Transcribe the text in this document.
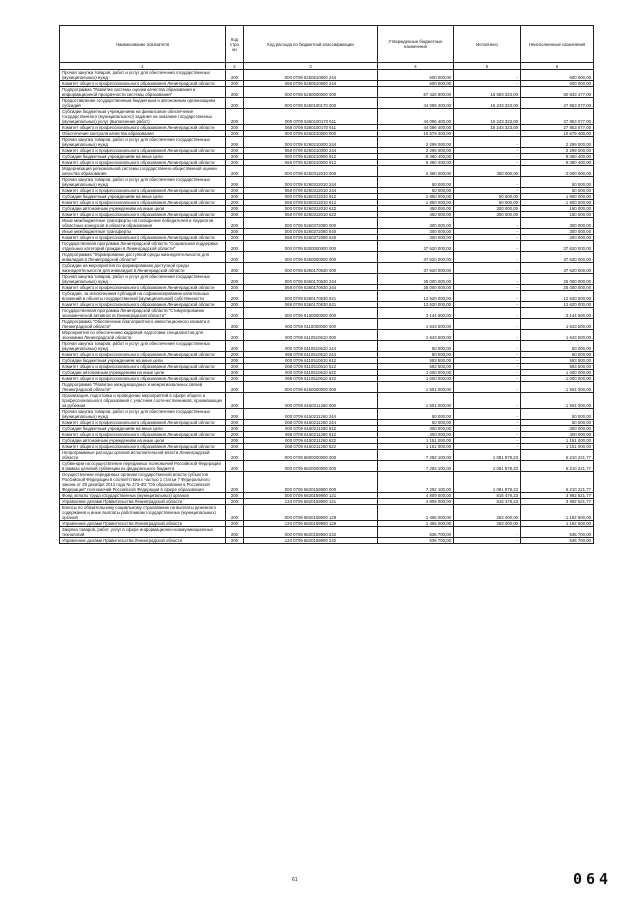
Наименование показателя	Код стро ки	Код расхода по бюджетной классификации	Утвержденные бюджетные назначения	Исполнено	Неисполненные назначения
1	2	3	4	5	6
Прочая закупка товаров, работ и услуг для обеспечения государственных (муниципальных) нужд	200	000 0709 5260510800 244	600 000,00	-	600 000,00
Комитет общего и профессионального образования Ленинградской области	200	068 0709 5260510800 244	600 000,00	-	600 000,00
Подпрограмма "Развитие системы оценки качества образования и информационной прозрачности системы образования"	200	000 0709 5260000000 000	67 426 800,00	16 593 323,00	50 833 477,00
Предоставление государственным бюджетным и автономным организациям субсидий	200	000 0709 5260100170 000	44 096 400,00	16 243 323,00	27 853 077,00
Субсидии бюджетным учреждениям на финансовое обеспечение государственного (муниципального) задания на оказание государственных (муниципальных) услуг (выполнение работ)	200	000 0709 5260100170 611	44 096 400,00	16 243 323,00	27 853 077,00
Комитет общего и профессионального образования Ленинградской области	200	068 0709 5260100170 611	44 096 400,00	16 243 323,00	27 853 077,00
Обеспечение контроля качества образования	200	000 0709 5260210000 000	10 679 400,00	-	10 679 400,00
Прочая закупка товаров, работ и услуг для обеспечения государственных (муниципальных) нужд	200	000 0709 5260210000 244	2 299 000,00	-	2 299 000,00
Комитет общего и профессионального образования Ленинградской области	200	068 0709 5260210000 244	2 299 000,00	-	2 299 000,00
Субсидии бюджетным учреждениям на иные цели	200	000 0709 5260210000 612	8 380 400,00	-	8 380 400,00
Комитет общего и профессионального образования Ленинградской области	200	068 0709 5260210000 612	8 380 400,00	-	8 380 400,00
Модернизация региональной системы государственно-общественной оценки качества образования	200	000 0709 5260312010 000	2 350 000,00	350 000,00	2 000 000,00
Прочая закупка товаров, работ и услуг для обеспечения государственных (муниципальных) нужд	200	000 0709 5260312010 244	50 000,00	-	50 000,00
Комитет общего и профессионального образования Ленинградской области	200	068 0709 5260312010 244	50 000,00	-	50 000,00
Субсидии бюджетным учреждениям на иные цели	200	000 0709 5260312010 612	1 850 000,00	50 000,00	1 800 000,00
Комитет общего и профессионального образования Ленинградской области	200	068 0709 5260312010 612	1 850 000,00	50 000,00	1 800 000,00
Субсидии автономным учреждениям на иные цели	200	000 0709 5260312010 622	450 000,00	300 000,00	150 000,00
Комитет общего и профессионального образования Ленинградской области	200	068 0709 5260312010 622	450 000,00	300 000,00	150 000,00
Иные межбюджетные трансферты на поощрение победителей и лауреатов областных конкурсов в области образования	200	000 0709 5260372080 000	300 000,00	-	300 000,00
Иные межбюджетные трансферты	200	000 0709 5260372080 540	300 000,00	-	300 000,00
Комитет общего и профессионального образования Ленинградской области	200	068 0709 5260372080 540	300 000,00	-	300 000,00
Государственная программа Ленинградской области "Социальная поддержка отдельных категорий граждан в Ленинградской области"	200	000 0709 5300000000 000	37 620 000,00	-	37 620 000,00
Подпрограмма "Формирование доступной среды жизнедеятельности для инвалидов в Ленинградской области"	200	000 0709 5360000000 000	37 620 000,00	-	37 620 000,00
Субсидии на мероприятия по формированию доступной среды жизнедеятельности для инвалидов в Ленинградской области	200	000 0709 5360170630 000	37 620 000,00	-	37 620 000,00
Прочая закупка товаров, работ и услуг для обеспечения государственных (муниципальных) нужд	200	000 0709 5360170630 244	25 000 000,00	-	25 000 000,00
Комитет общего и профессионального образования Ленинградской области	200	068 0709 5360170630 244	25 000 000,00	-	25 000 000,00
Субсидии, за исключением субсидий на софинансирование капитальных вложений в объекты государственной (муниципальной) собственности	200	000 0709 5360170630 521	12 620 000,00	-	12 620 000,00
Комитет общего и профессионального образования Ленинградской области	200	068 0709 5360170630 521	12 620 000,00	-	12 620 000,00
Государственная программа Ленинградской области "Стимулирование экономической активности Ленинградской области"	200	000 0709 6100000000 000	3 144 500,00	-	3 144 500,00
Подпрограмма "Обеспечение благоприятного инвестиционного климата в Ленинградской области"	200	000 0709 6110000000 000	1 643 500,00	-	1 643 500,00
Мероприятия по обеспечению кадровой подготовки специалистов для экономики Ленинградской области	200	000 0709 6110510610 000	1 643 500,00	-	1 643 500,00
Прочая закупка товаров, работ и услуг для обеспечения государственных (муниципальных) нужд	200	000 0709 6110510610 244	50 000,00	-	50 000,00
Комитет общего и профессионального образования Ленинградской области	200	068 0709 6110510610 244	50 000,00	-	50 000,00
Субсидии бюджетным учреждениям на иные цели	200	000 0709 6110510610 612	593 500,00	-	593 500,00
Комитет общего и профессионального образования Ленинградской области	200	068 0709 6110510610 612	593 500,00	-	593 500,00
Субсидии автономным учреждениям на иные цели	200	000 0709 6110510610 622	1 000 000,00	-	1 000 000,00
Комитет общего и профессионального образования Ленинградской области	200	068 0709 6110510610 622	1 000 000,00	-	1 000 000,00
Подпрограмма "Развитие международных и межрегиональных связей Ленинградской области"	200	000 0709 6160000000 000	1 501 000,00	-	1 501 000,00
Организация, подготовка и проведение мероприятий в сфере общего и профессионального образования с участием соотечественников, проживающих за рубежом	200	000 0709 6160211260 000	1 501 000,00	-	1 501 000,00
Прочая закупка товаров, работ и услуг для обеспечения государственных (муниципальных) нужд	200	000 0709 6160211260 244	50 000,00	-	50 000,00
Комитет общего и профессионального образования Ленинградской области	200	068 0709 6160211260 244	50 000,00	-	50 000,00
Субсидии бюджетным учреждениям на иные цели	200	000 0709 6160211260 612	300 000,00	-	300 000,00
Комитет общего и профессионального образования Ленинградской области	200	068 0709 6160211260 612	300 000,00	-	300 000,00
Субсидии автономным учреждениям на иные цели	200	000 0709 6160211260 622	1 151 000,00	-	1 151 000,00
Комитет общего и профессионального образования Ленинградской области	200	068 0709 6160211260 622	1 151 000,00	-	1 151 000,00
Непрограммные расходы органов исполнительной власти Ленинградской области	200	000 0709 6800000000 000	7 292 100,00	1 081 878,23	6 210 221,77
Субвенции на осуществление переданных полномочий Российской Федерации в рамках целевой субвенции из федерального бюджета	200	000 0709 6820000000 000	7 292 100,00	1 081 878,23	6 210 221,77
Осуществление переданных органам государственной власти субъектов Российской Федерации в соответствии с частью 1 статьи 7 Федерального закона от 29 декабря 2012 года № 273-ФЗ "Об образовании в Российской Федерации" полномочий Российской Федерации в сфере образования	200	000 0709 6820159900 000	7 292 100,00	1 081 878,23	6 210 221,77
Фонд оплаты труда государственных (муниципальных) органов	200	000 0709 6820159900 121	4 809 000,00	816 478,23	3 992 521,77
Управление делами Правительства Ленинградской области	200	133 0709 6820159900 121	4 809 000,00	816 478,23	3 992 521,77
Взносы по обязательному социальному страхованию на выплаты денежного содержания и иные выплаты работникам государственных (муниципальных) органов	200	000 0709 6820159900 129	1 456 000,00	263 400,00	1 192 600,00
Управление делами Правительства Ленинградской области	200	133 0709 6820159900 129	1 456 000,00	263 400,00	1 192 600,00
Закупка товаров, работ, услуг в сфере информационно-коммуникационных технологий	200	000 0709 6820159900 242	536 700,00	-	536 700,00
Управление делами Правительства Ленинградской области	200	133 0709 6820159900 242	536 700,00	-	536 700,00
61	064
